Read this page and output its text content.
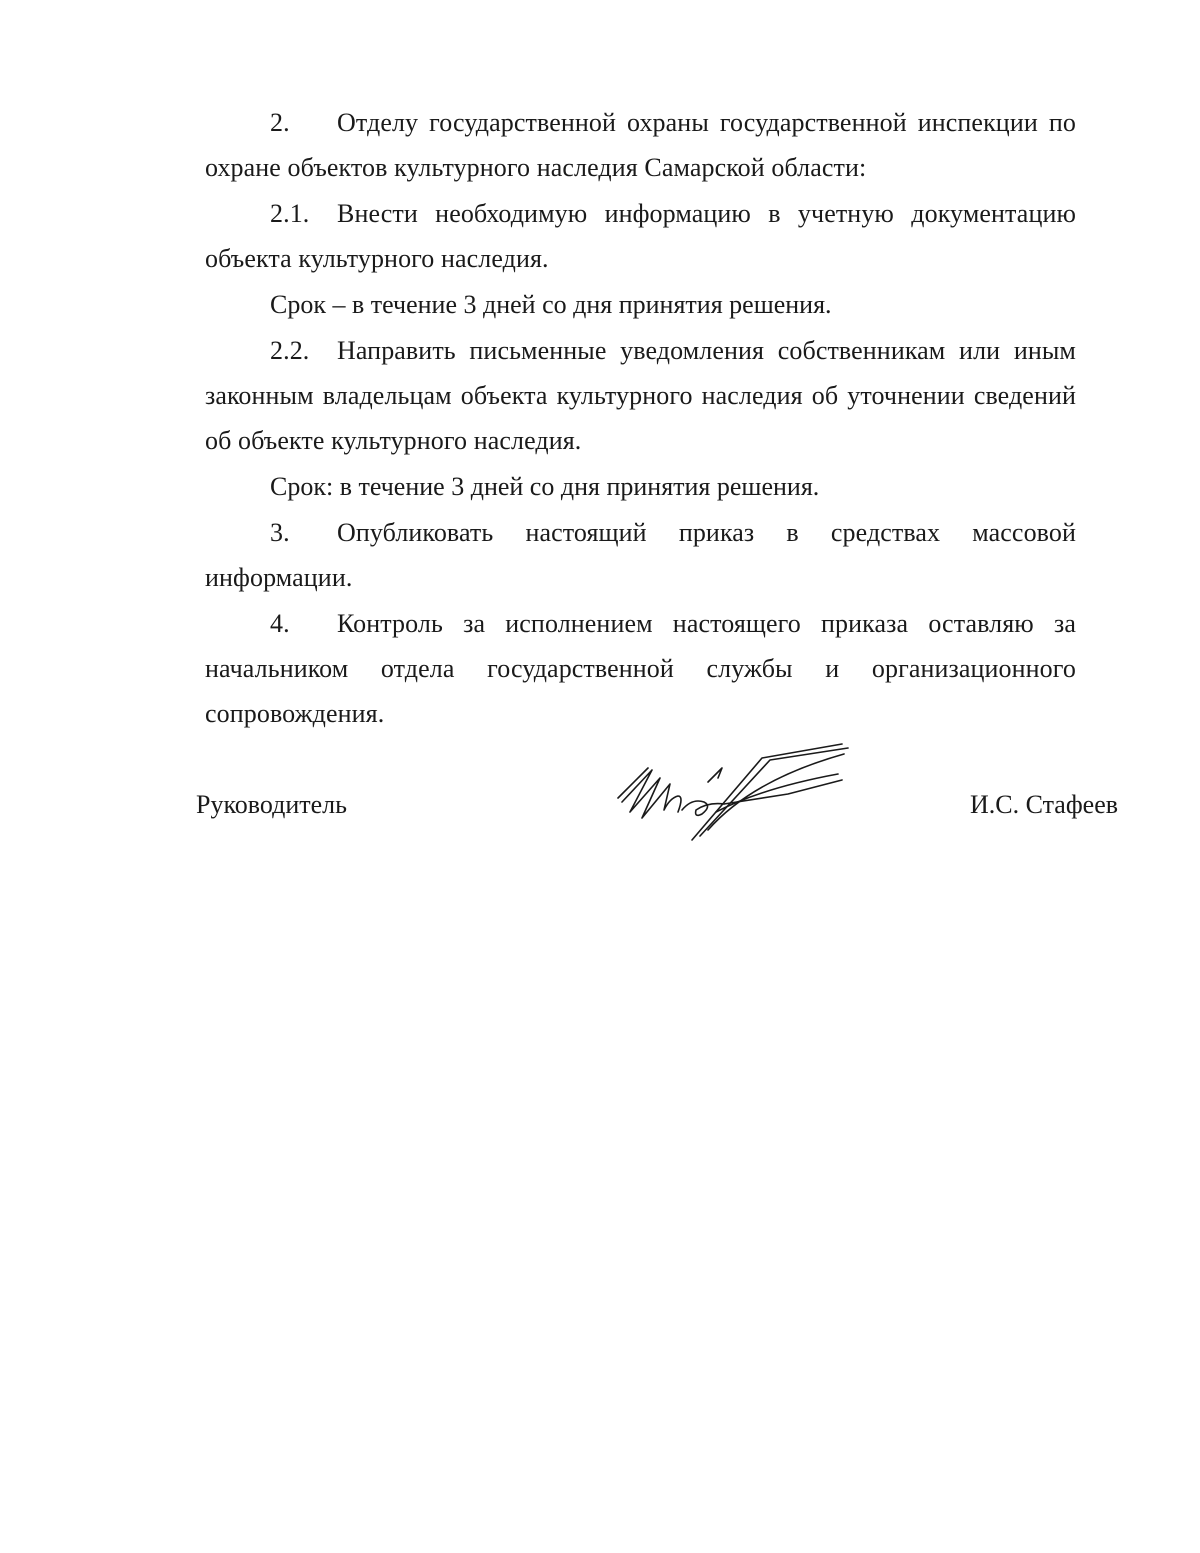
2. Отделу государственной охраны государственной инспекции по охране объектов культурного наследия Самарской области:

2.1. Внести необходимую информацию в учетную документацию объекта культурного наследия.

Срок – в течение 3 дней со дня принятия решения.

2.2. Направить письменные уведомления собственникам или иным законным владельцам объекта культурного наследия об уточнении сведений об объекте культурного наследия.

Срок: в течение 3 дней со дня принятия решения.

3. Опубликовать настоящий приказ в средствах массовой информации.

4. Контроль за исполнением настоящего приказа оставляю за начальником отдела государственной службы и организационного сопровождения.

Руководитель	И.С. Стафеев
